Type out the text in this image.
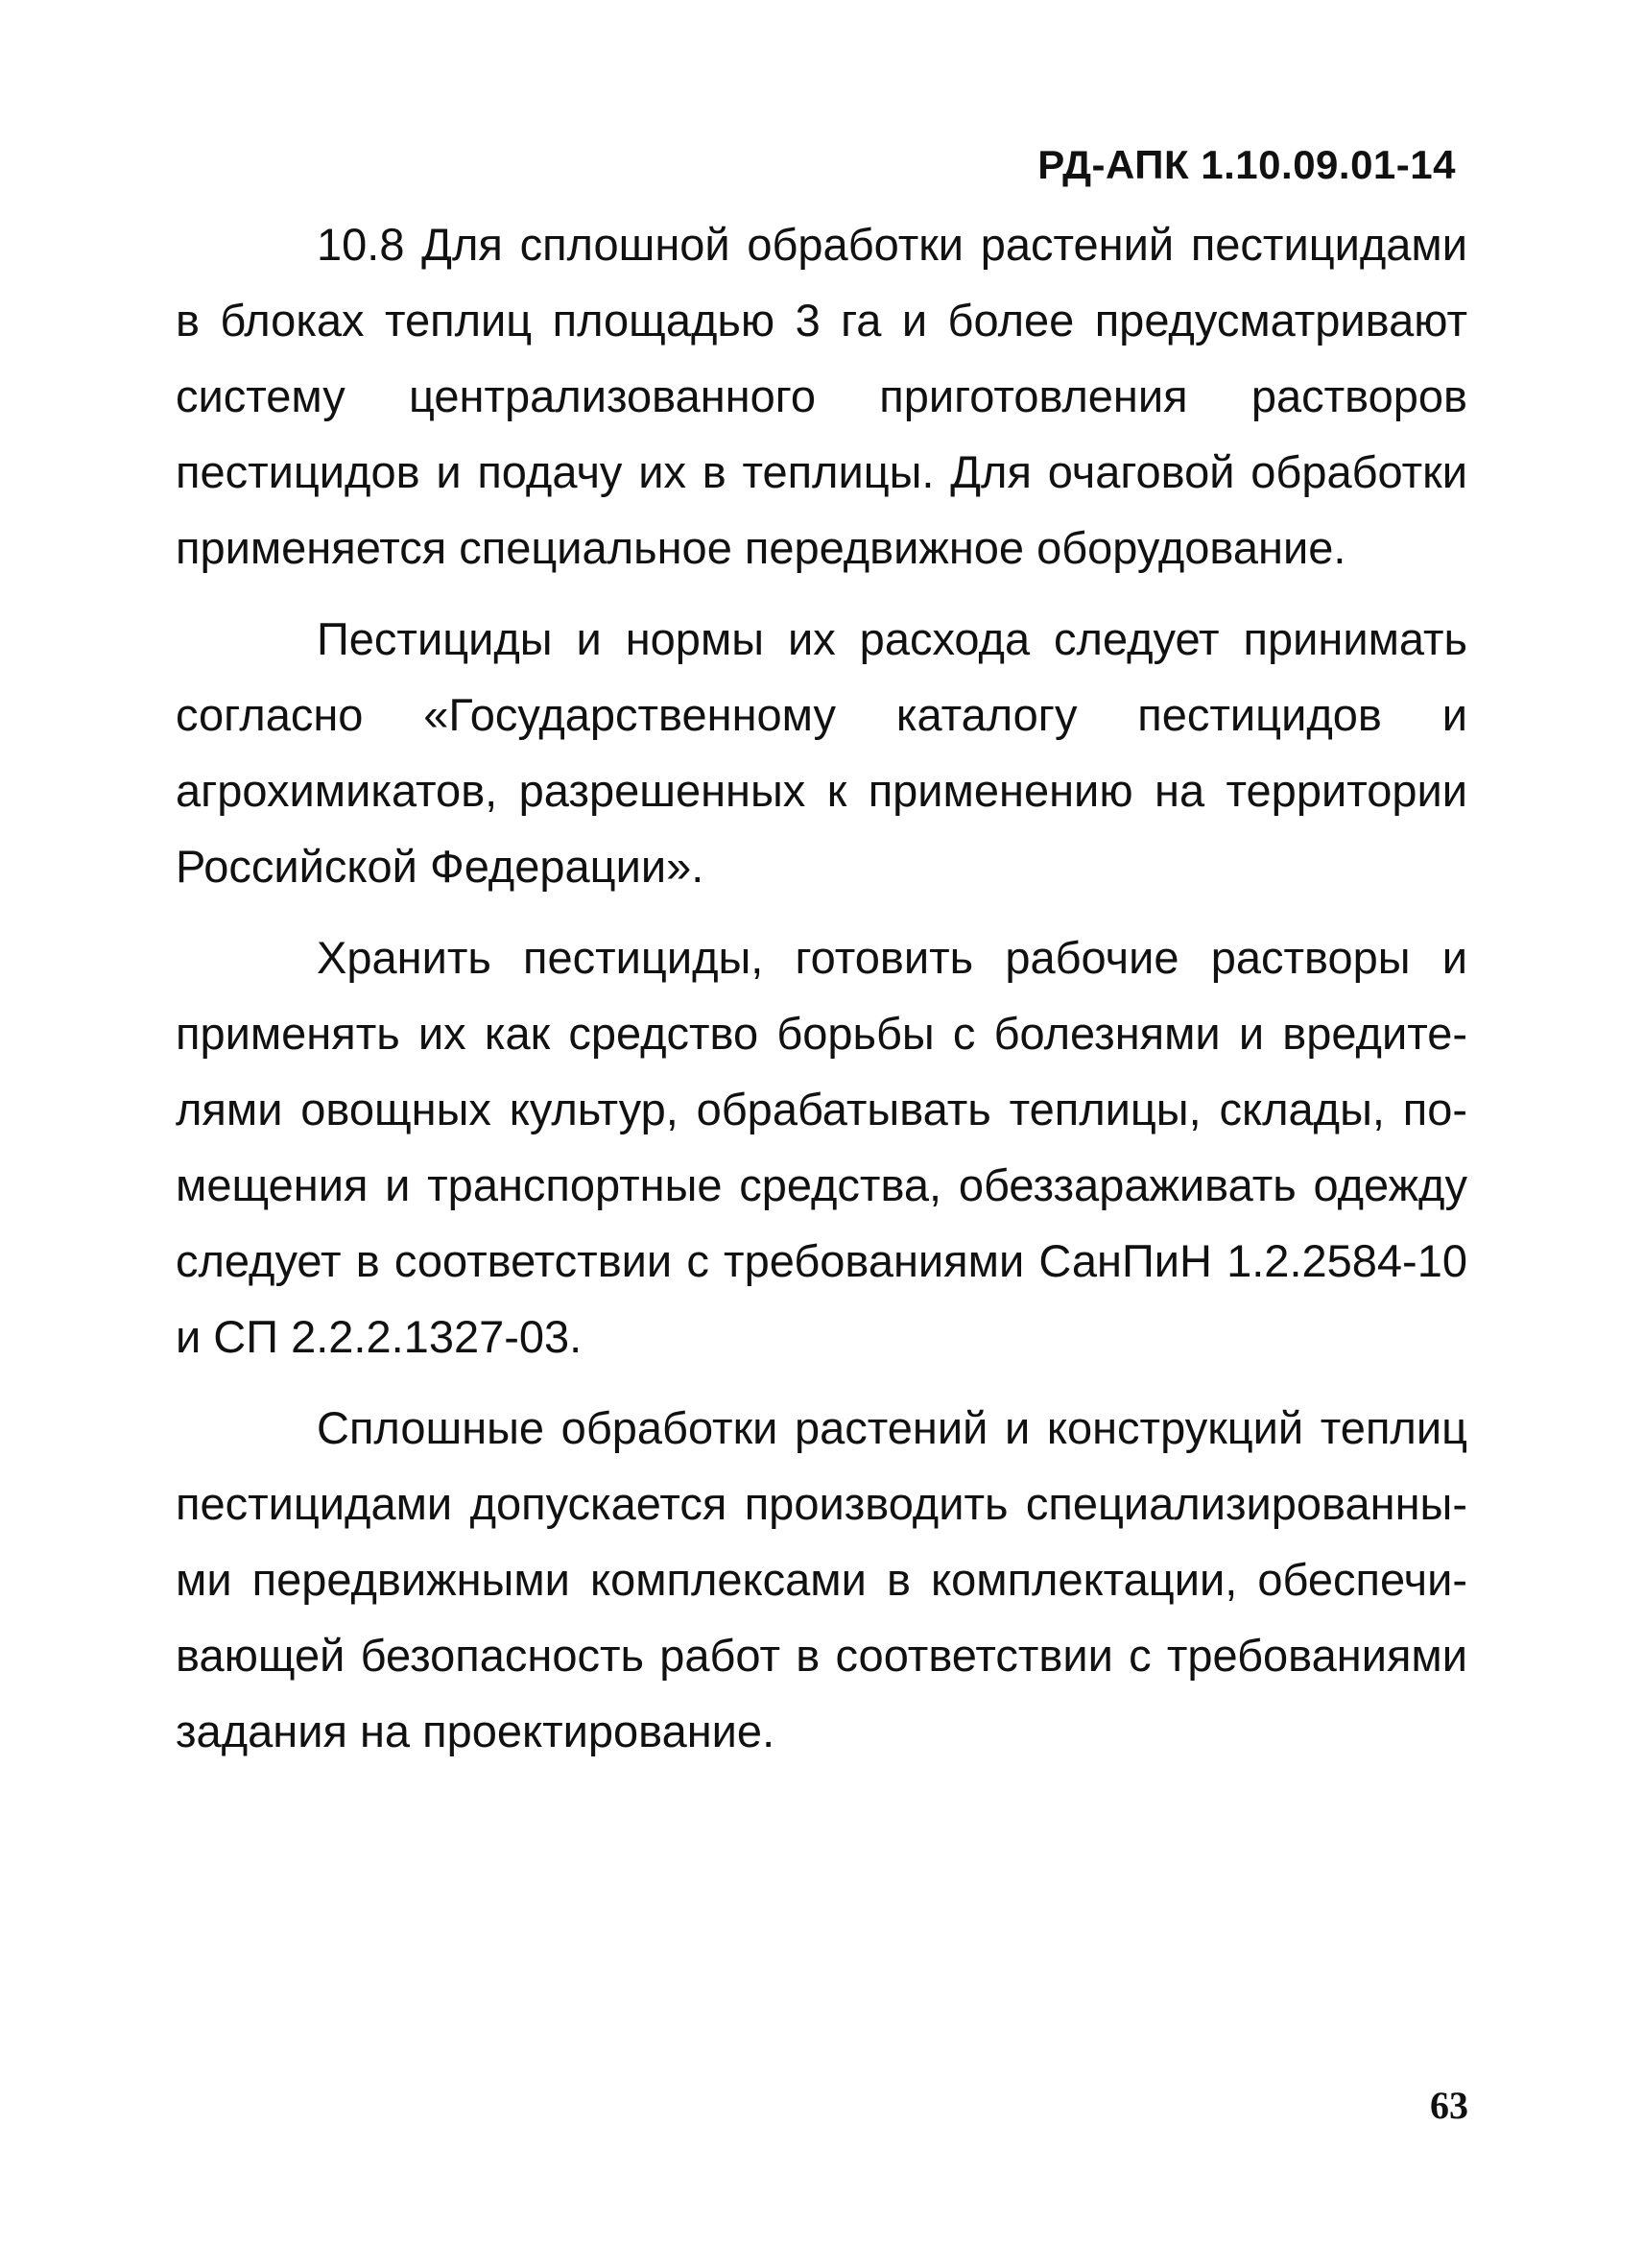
РД-АПК 1.10.09.01-14

10.8 Для сплошной обработки растений пестицидами в блоках теплиц площадью 3 га и более предусматривают систему централизованного приготовления растворов пестицидов и подачу их в теплицы. Для очаговой обработки применяется специальное передвижное оборудование.

Пестициды и нормы их расхода следует принимать согласно «Государственному каталогу пестицидов и агрохимикатов, разрешенных к применению на территории Российской Федерации».

Хранить пестициды, готовить рабочие растворы и применять их как средство борьбы с болезнями и вредителями овощных культур, обрабатывать теплицы, склады, помещения и транспортные средства, обеззараживать одежду следует в соответствии с требованиями СанПиН 1.2.2584-10 и СП 2.2.2.1327-03.

Сплошные обработки растений и конструкций теплиц пестицидами допускается производить специализированными передвижными комплексами в комплектации, обеспечивающей безопасность работ в соответствии с требованиями задания на проектирование.

63
